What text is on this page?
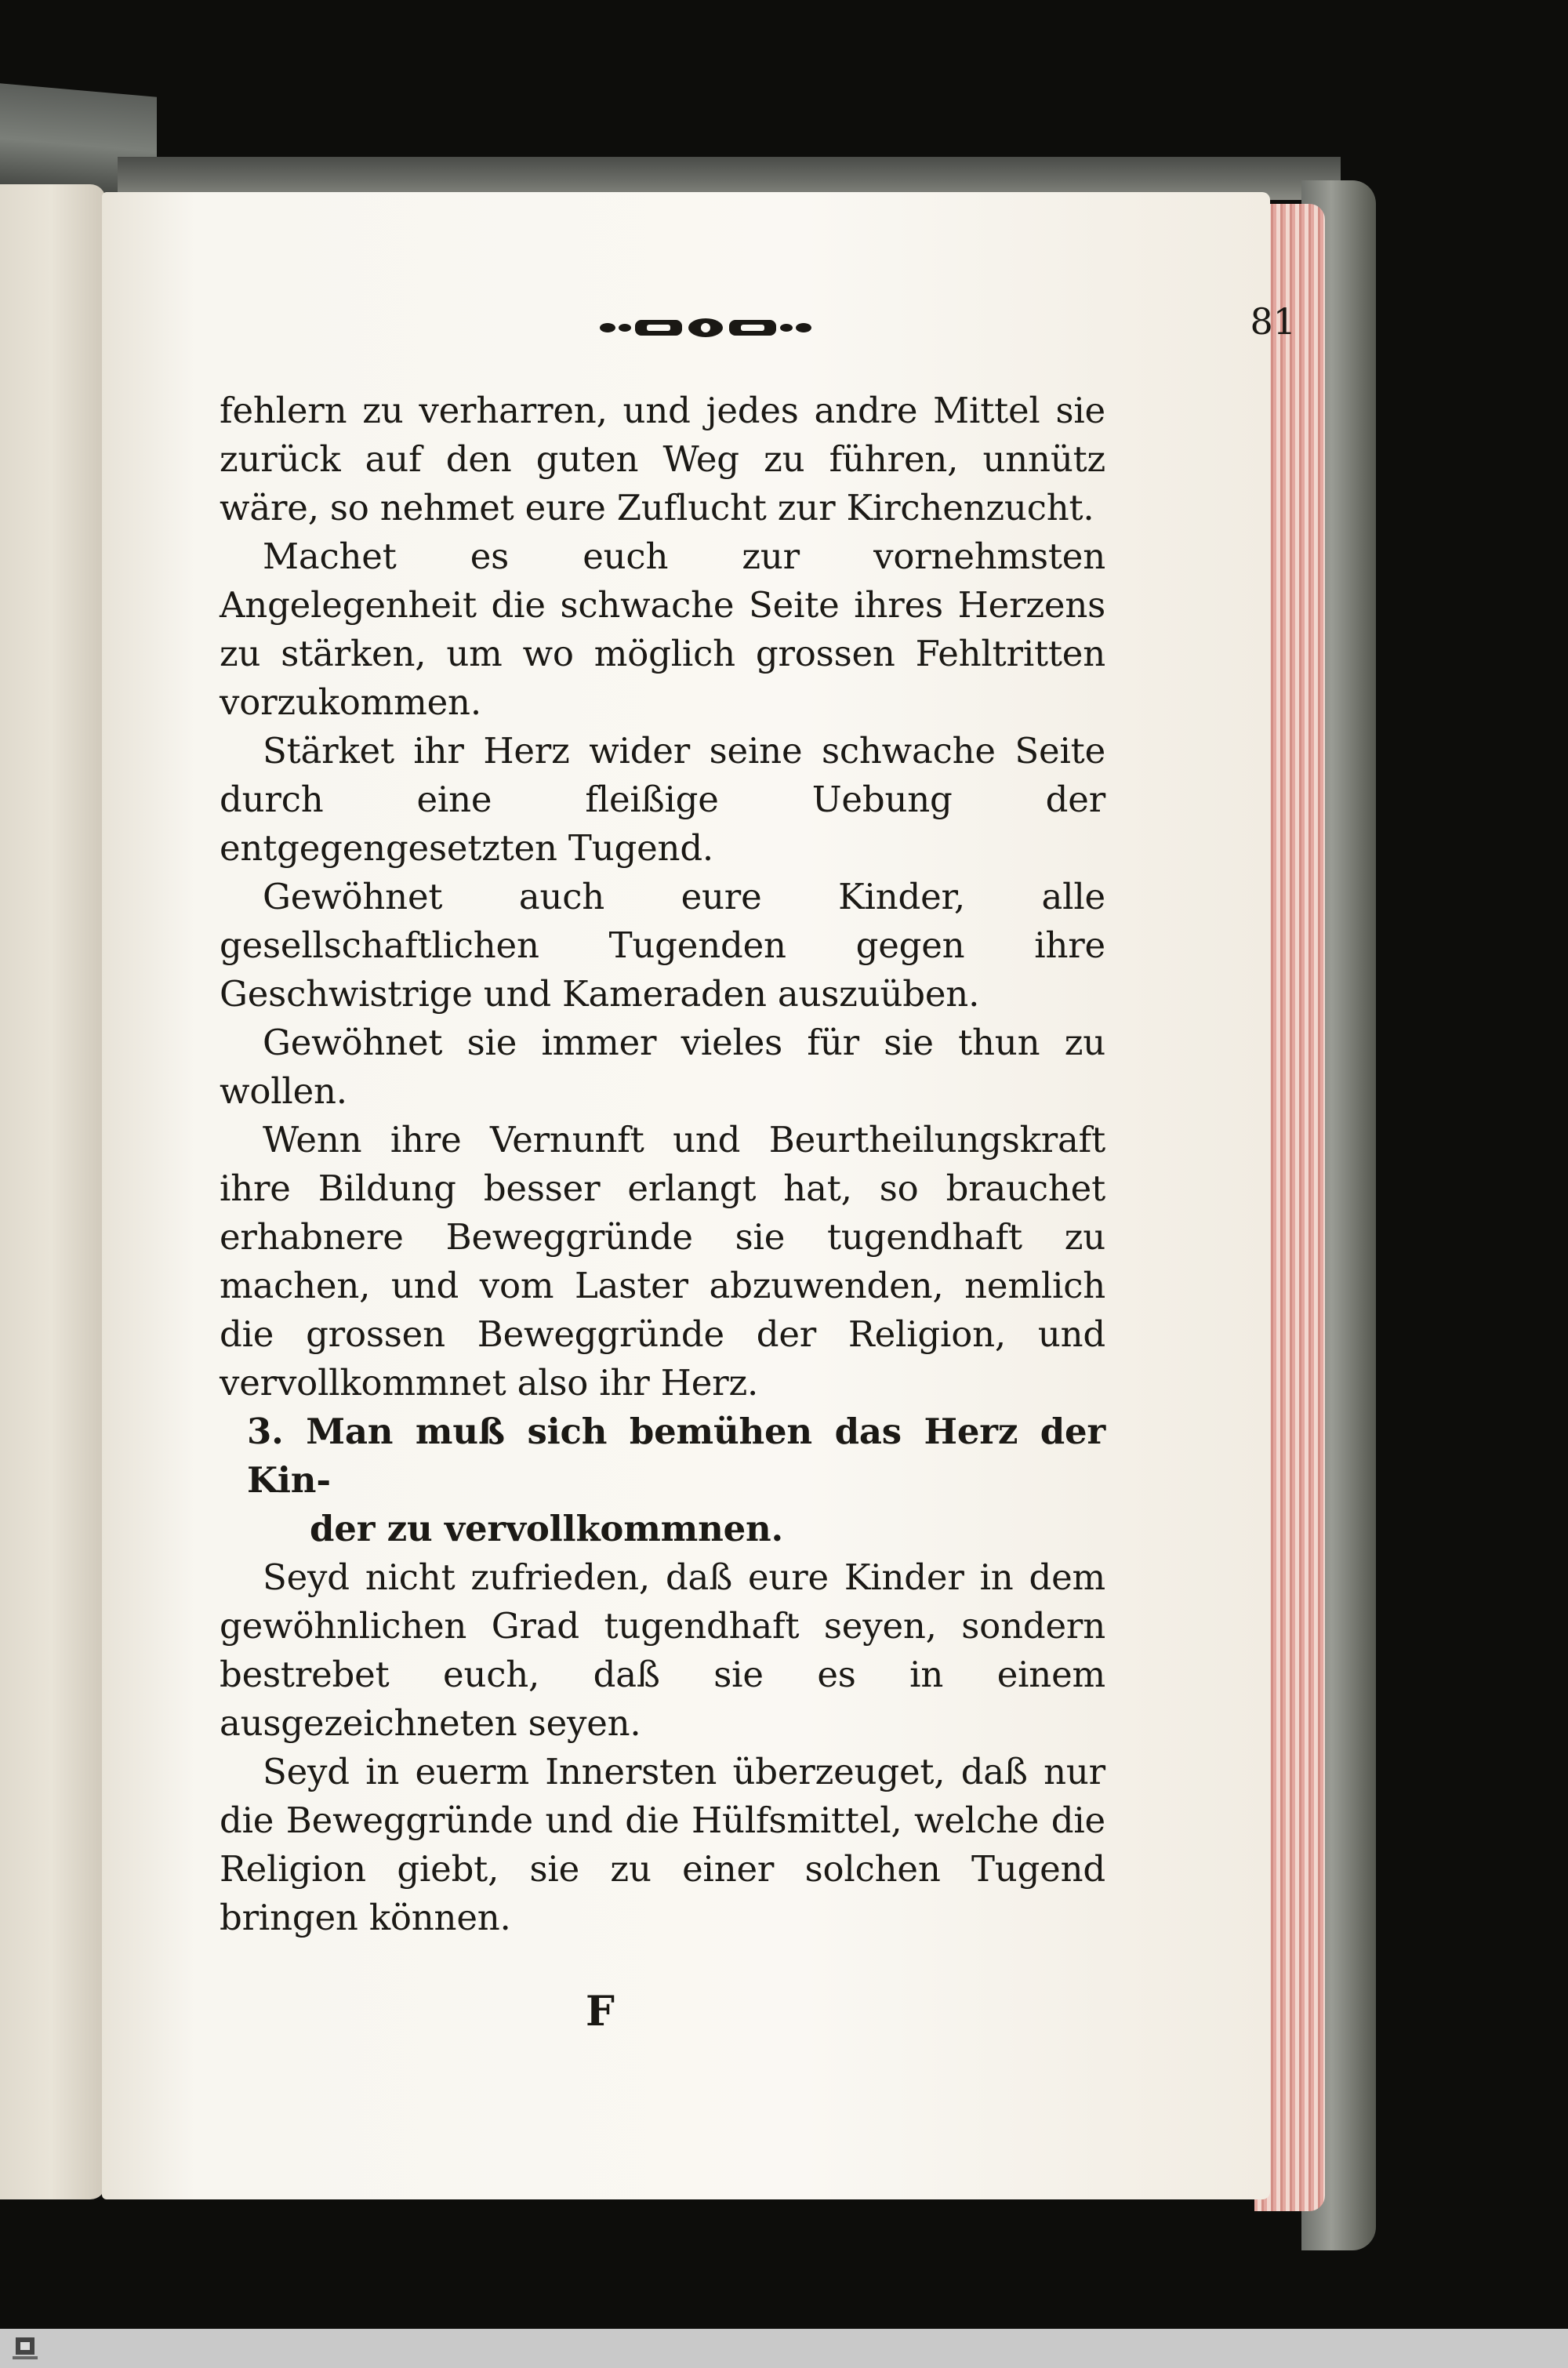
81

fehlern zu verharren, und jedes andre Mittel sie zurück auf den guten Weg zu führen, unnütz wäre, so nehmet eure Zuflucht zur Kirchenzucht.

Machet es euch zur vornehmsten Angelegenheit die schwache Seite ihres Herzens zu stärken, um wo möglich grossen Fehltritten vorzukommen.

Stärket ihr Herz wider seine schwache Seite durch eine fleißige Uebung der entgegengesetzten Tugend.

Gewöhnet auch eure Kinder, alle gesellschaftlichen Tugenden gegen ihre Geschwistrige und Kameraden auszuüben.

Gewöhnet sie immer vieles für sie thun zu wollen.

Wenn ihre Vernunft und Beurtheilungskraft ihre Bildung besser erlangt hat, so brauchet erhabnere Beweggründe sie tugendhaft zu machen, und vom Laster abzuwenden, nemlich die grossen Beweggründe der Religion, und vervollkommnet also ihr Herz.

3. Man muß sich bemühen das Herz der Kin-
der zu vervollkommnen.

Seyd nicht zufrieden, daß eure Kinder in dem gewöhnlichen Grad tugendhaft seyen, sondern bestrebet euch, daß sie es in einem ausgezeichneten seyen.

Seyd in euerm Innersten überzeuget, daß nur die Beweggründe und die Hülfsmittel, welche die Religion giebt, sie zu einer solchen Tugend bringen können.

F
